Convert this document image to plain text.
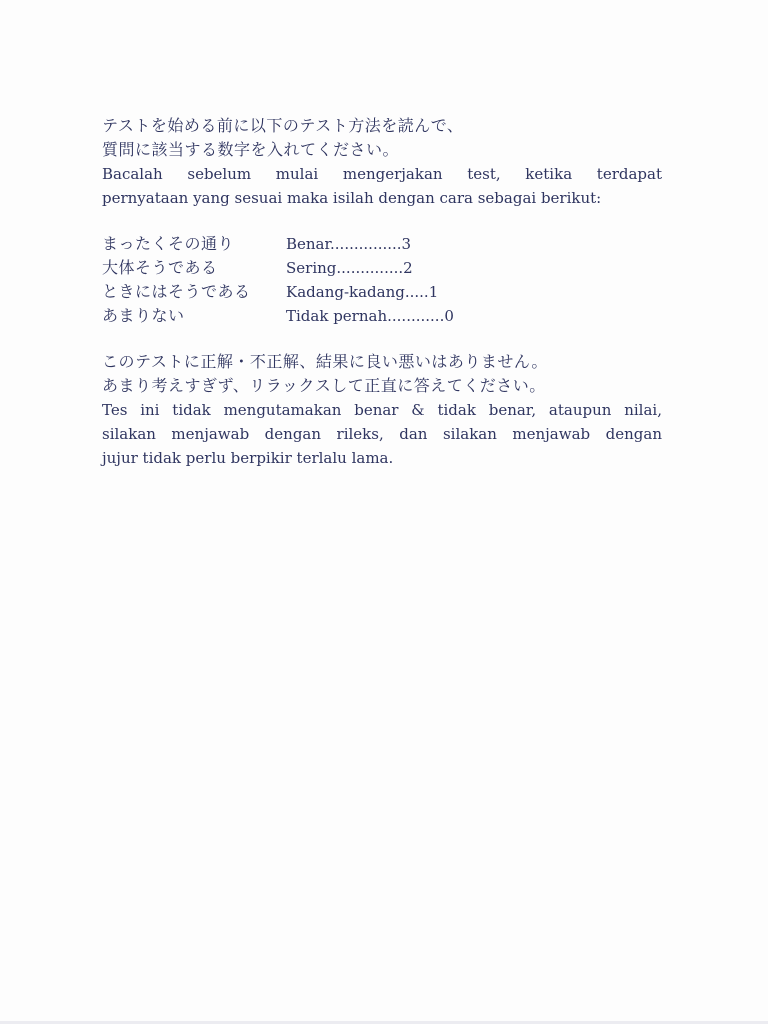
テストを始める前に以下のテスト方法を読んで、
質問に該当する数字を入れてください。
Bacalah sebelum mulai mengerjakan test, ketika terdapat
pernyataan yang sesuai maka isilah dengan cara sebagai berikut:
まったくその通り	Benar...............3
大体そうである	Sering..............2
ときにはそうである	Kadang-kadang.....1
あまりない	Tidak pernah............0
このテストに正解・不正解、結果に良い悪いはありません。
あまり考えすぎず、リラックスして正直に答えてください。
Tes ini tidak mengutamakan benar & tidak benar, ataupun nilai,
silakan menjawab dengan rileks, dan silakan menjawab dengan
jujur tidak perlu berpikir terlalu lama.
